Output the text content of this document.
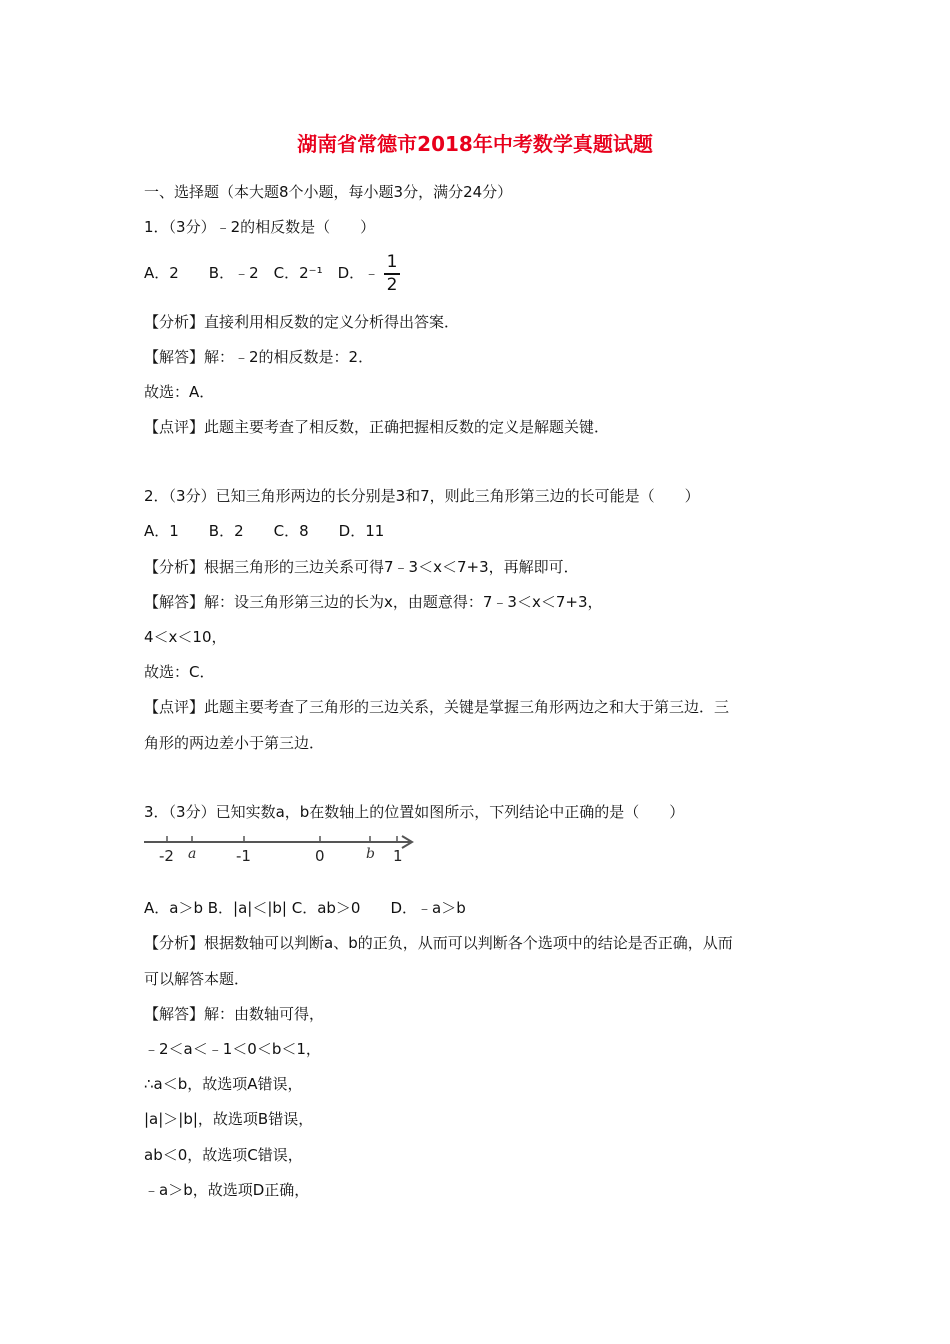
湖南省常德市2018年中考数学真题试题
一、选择题（本大题8个小题，每小题3分，满分24分）
1．（3分）﹣2的相反数是（　　）
A．2　　B．﹣2　C．2⁻¹　D．﹣
1
2
【分析】直接利用相反数的定义分析得出答案．
【解答】解：﹣2的相反数是：2．
故选：A．
【点评】此题主要考查了相反数，正确把握相反数的定义是解题关键．
2．（3分）已知三角形两边的长分别是3和7，则此三角形第三边的长可能是（　　）
A．1　　B．2　　C．8　　D．11
【分析】根据三角形的三边关系可得7﹣3＜x＜7+3，再解即可．
【解答】解：设三角形第三边的长为x，由题意得：7﹣3＜x＜7+3，
4＜x＜10，
故选：C．
【点评】此题主要考查了三角形的三边关系，关键是掌握三角形两边之和大于第三边．三
角形的两边差小于第三边．
3．（3分）已知实数a，b在数轴上的位置如图所示，下列结论中正确的是（　　）
-2 a	-1	0	b 1
A．a＞b B．|a|＜|b| C．ab＞0　　D．﹣a＞b
【分析】根据数轴可以判断a、b的正负，从而可以判断各个选项中的结论是否正确，从而
可以解答本题．
【解答】解：由数轴可得，
﹣2＜a＜﹣1＜0＜b＜1，
∴a＜b，故选项A错误，
|a|＞|b|，故选项B错误，
ab＜0，故选项C错误，
﹣a＞b，故选项D正确，
